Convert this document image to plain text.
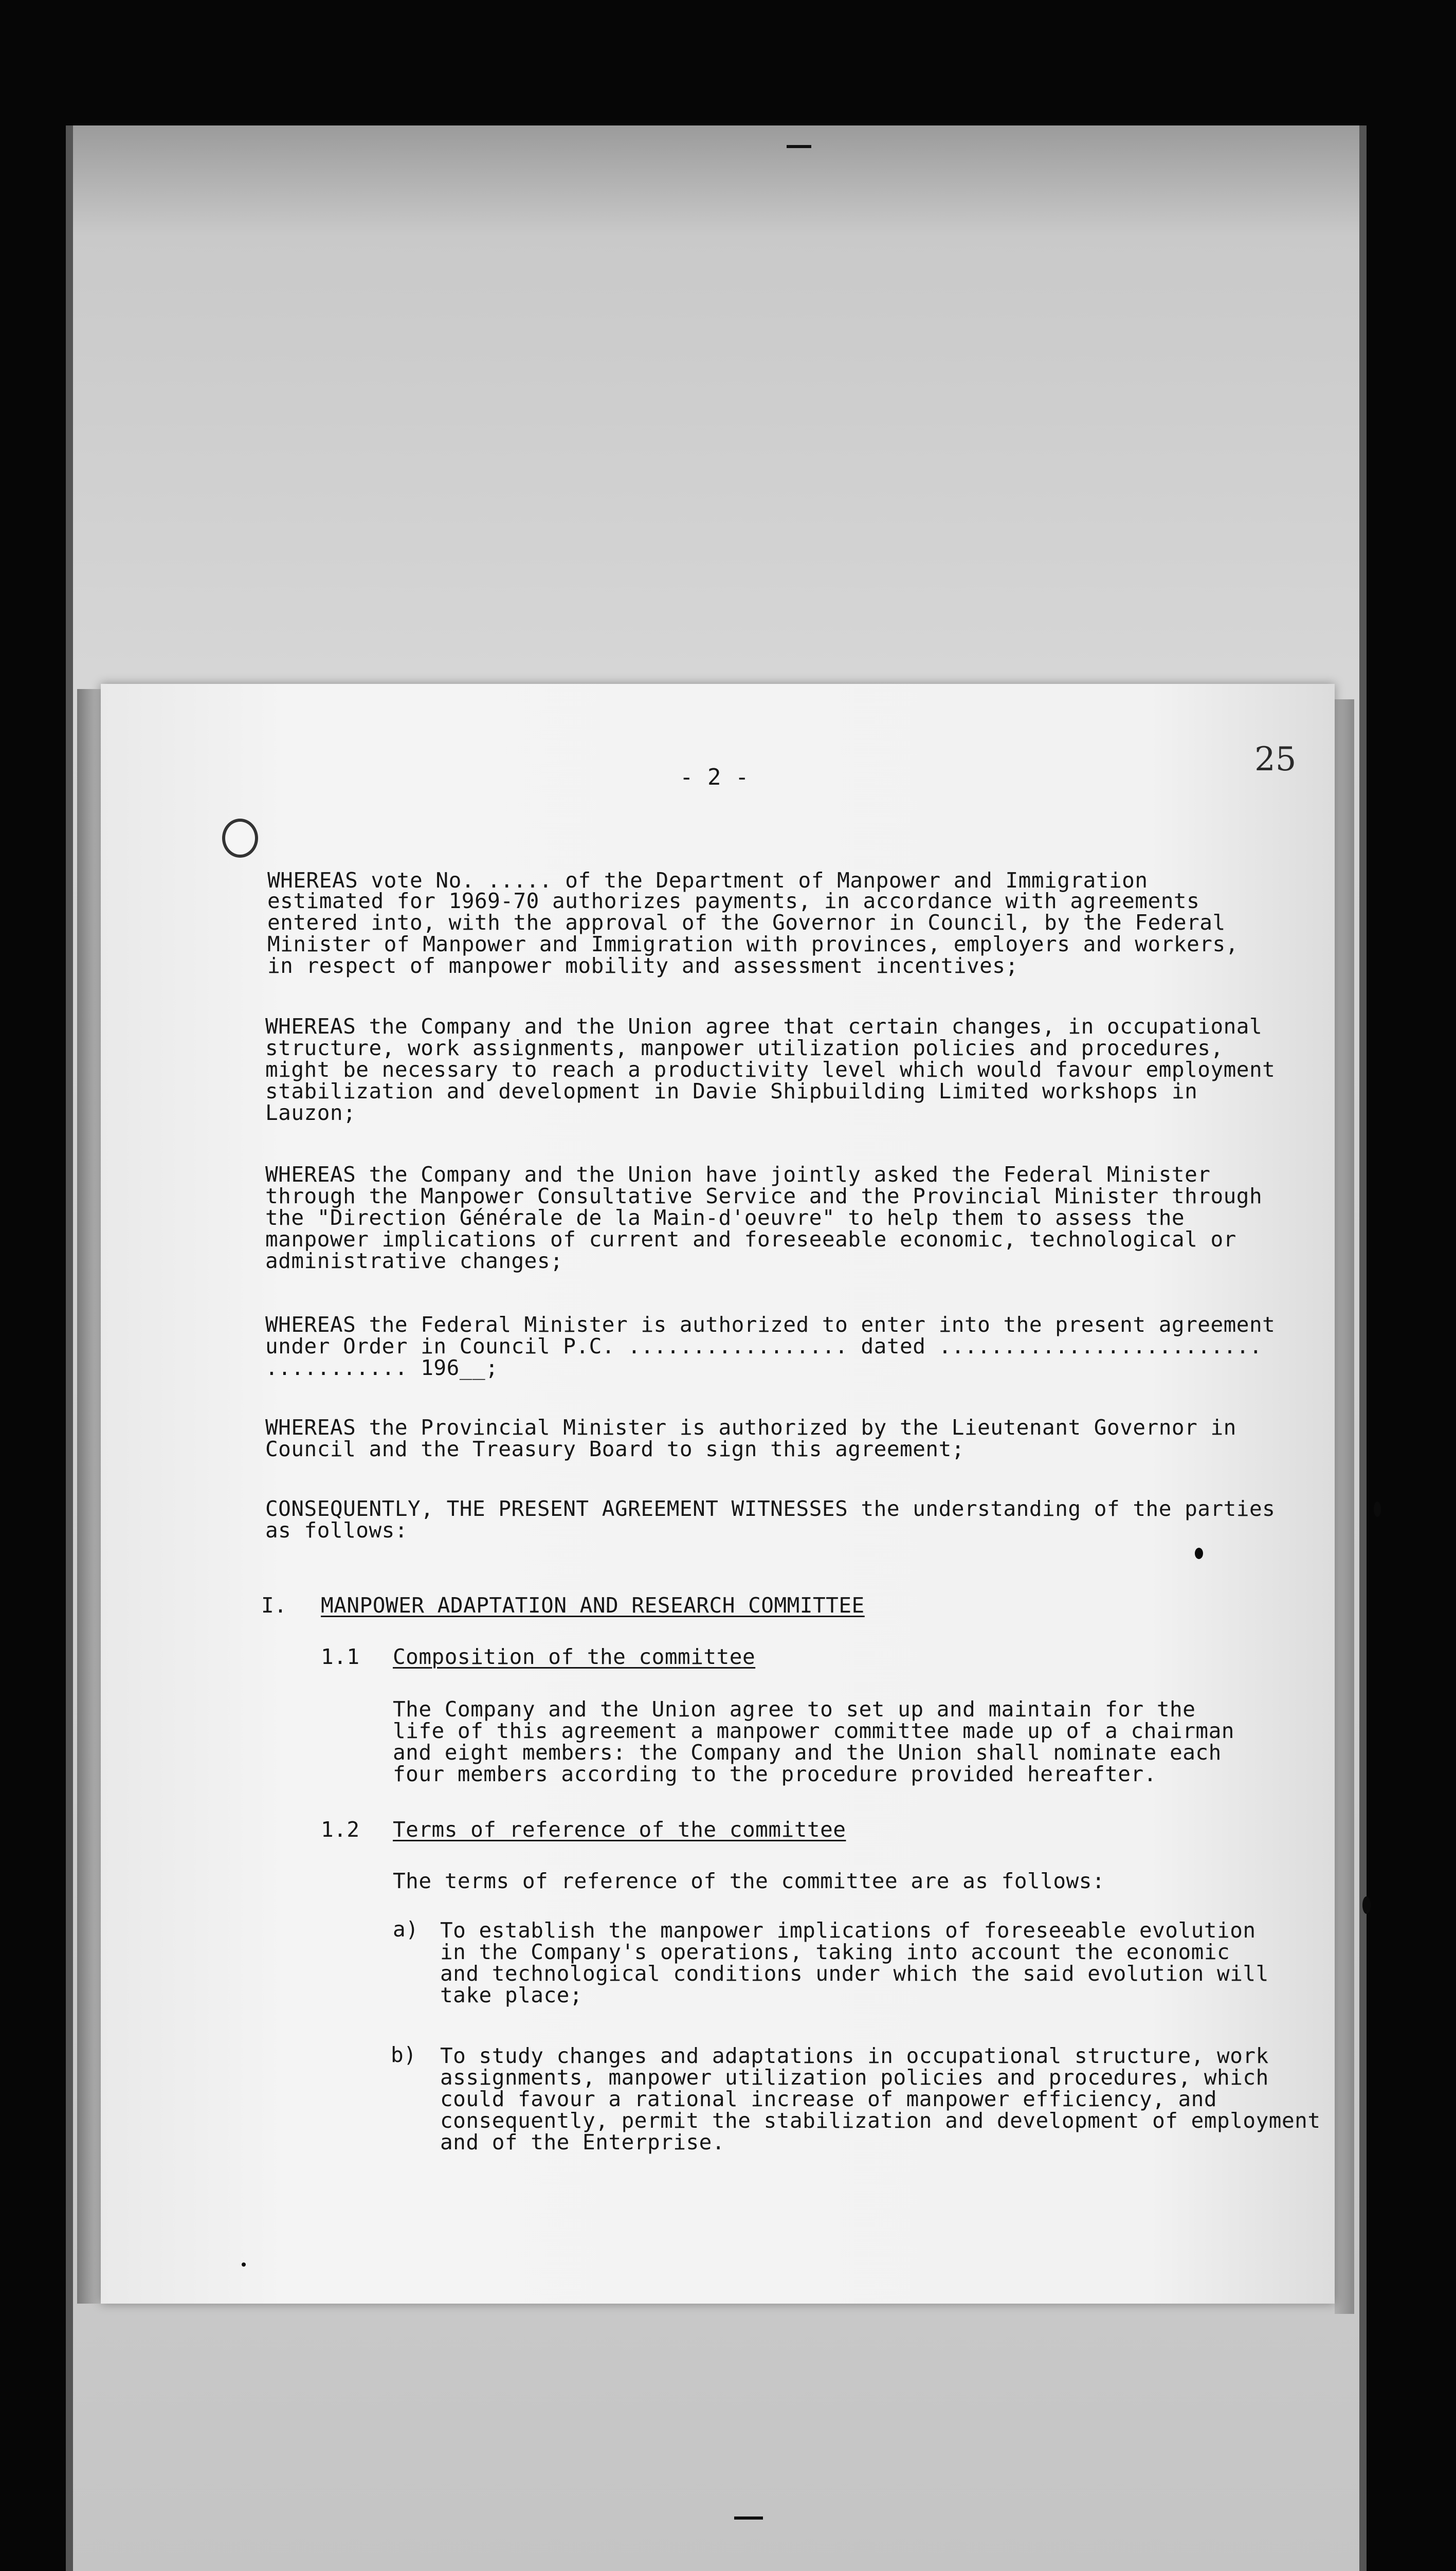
25
- 2 -
WHEREAS vote No. ..... of the Department of Manpower and Immigration
estimated for 1969-70 authorizes payments, in accordance with agreements
entered into, with the approval of the Governor in Council, by the Federal
Minister of Manpower and Immigration with provinces, employers and workers,
in respect of manpower mobility and assessment incentives;
WHEREAS the Company and the Union agree that certain changes, in occupational
structure, work assignments, manpower utilization policies and procedures,
might be necessary to reach a productivity level which would favour employment
stabilization and development in Davie Shipbuilding Limited workshops in
Lauzon;
WHEREAS the Company and the Union have jointly asked the Federal Minister
through the Manpower Consultative Service and the Provincial Minister through
the "Direction Générale de la Main-d'oeuvre" to help them to assess the
manpower implications of current and foreseeable economic, technological or
administrative changes;
WHEREAS the Federal Minister is authorized to enter into the present agreement
under Order in Council P.C. ................. dated .........................
........... 196__;
WHEREAS the Provincial Minister is authorized by the Lieutenant Governor in
Council and the Treasury Board to sign this agreement;
CONSEQUENTLY, THE PRESENT AGREEMENT WITNESSES the understanding of the parties
as follows:
I. MANPOWER ADAPTATION AND RESEARCH COMMITTEE
1.1 Composition of the committee
The Company and the Union agree to set up and maintain for the
life of this agreement a manpower committee made up of a chairman
and eight members: the Company and the Union shall nominate each
four members according to the procedure provided hereafter.
1.2 Terms of reference of the committee
The terms of reference of the committee are as follows:
a) To establish the manpower implications of foreseeable evolution
in the Company's operations, taking into account the economic
and technological conditions under which the said evolution will
take place;
b) To study changes and adaptations in occupational structure, work
assignments, manpower utilization policies and procedures, which
could favour a rational increase of manpower efficiency, and
consequently, permit the stabilization and development of employment
and of the Enterprise.
